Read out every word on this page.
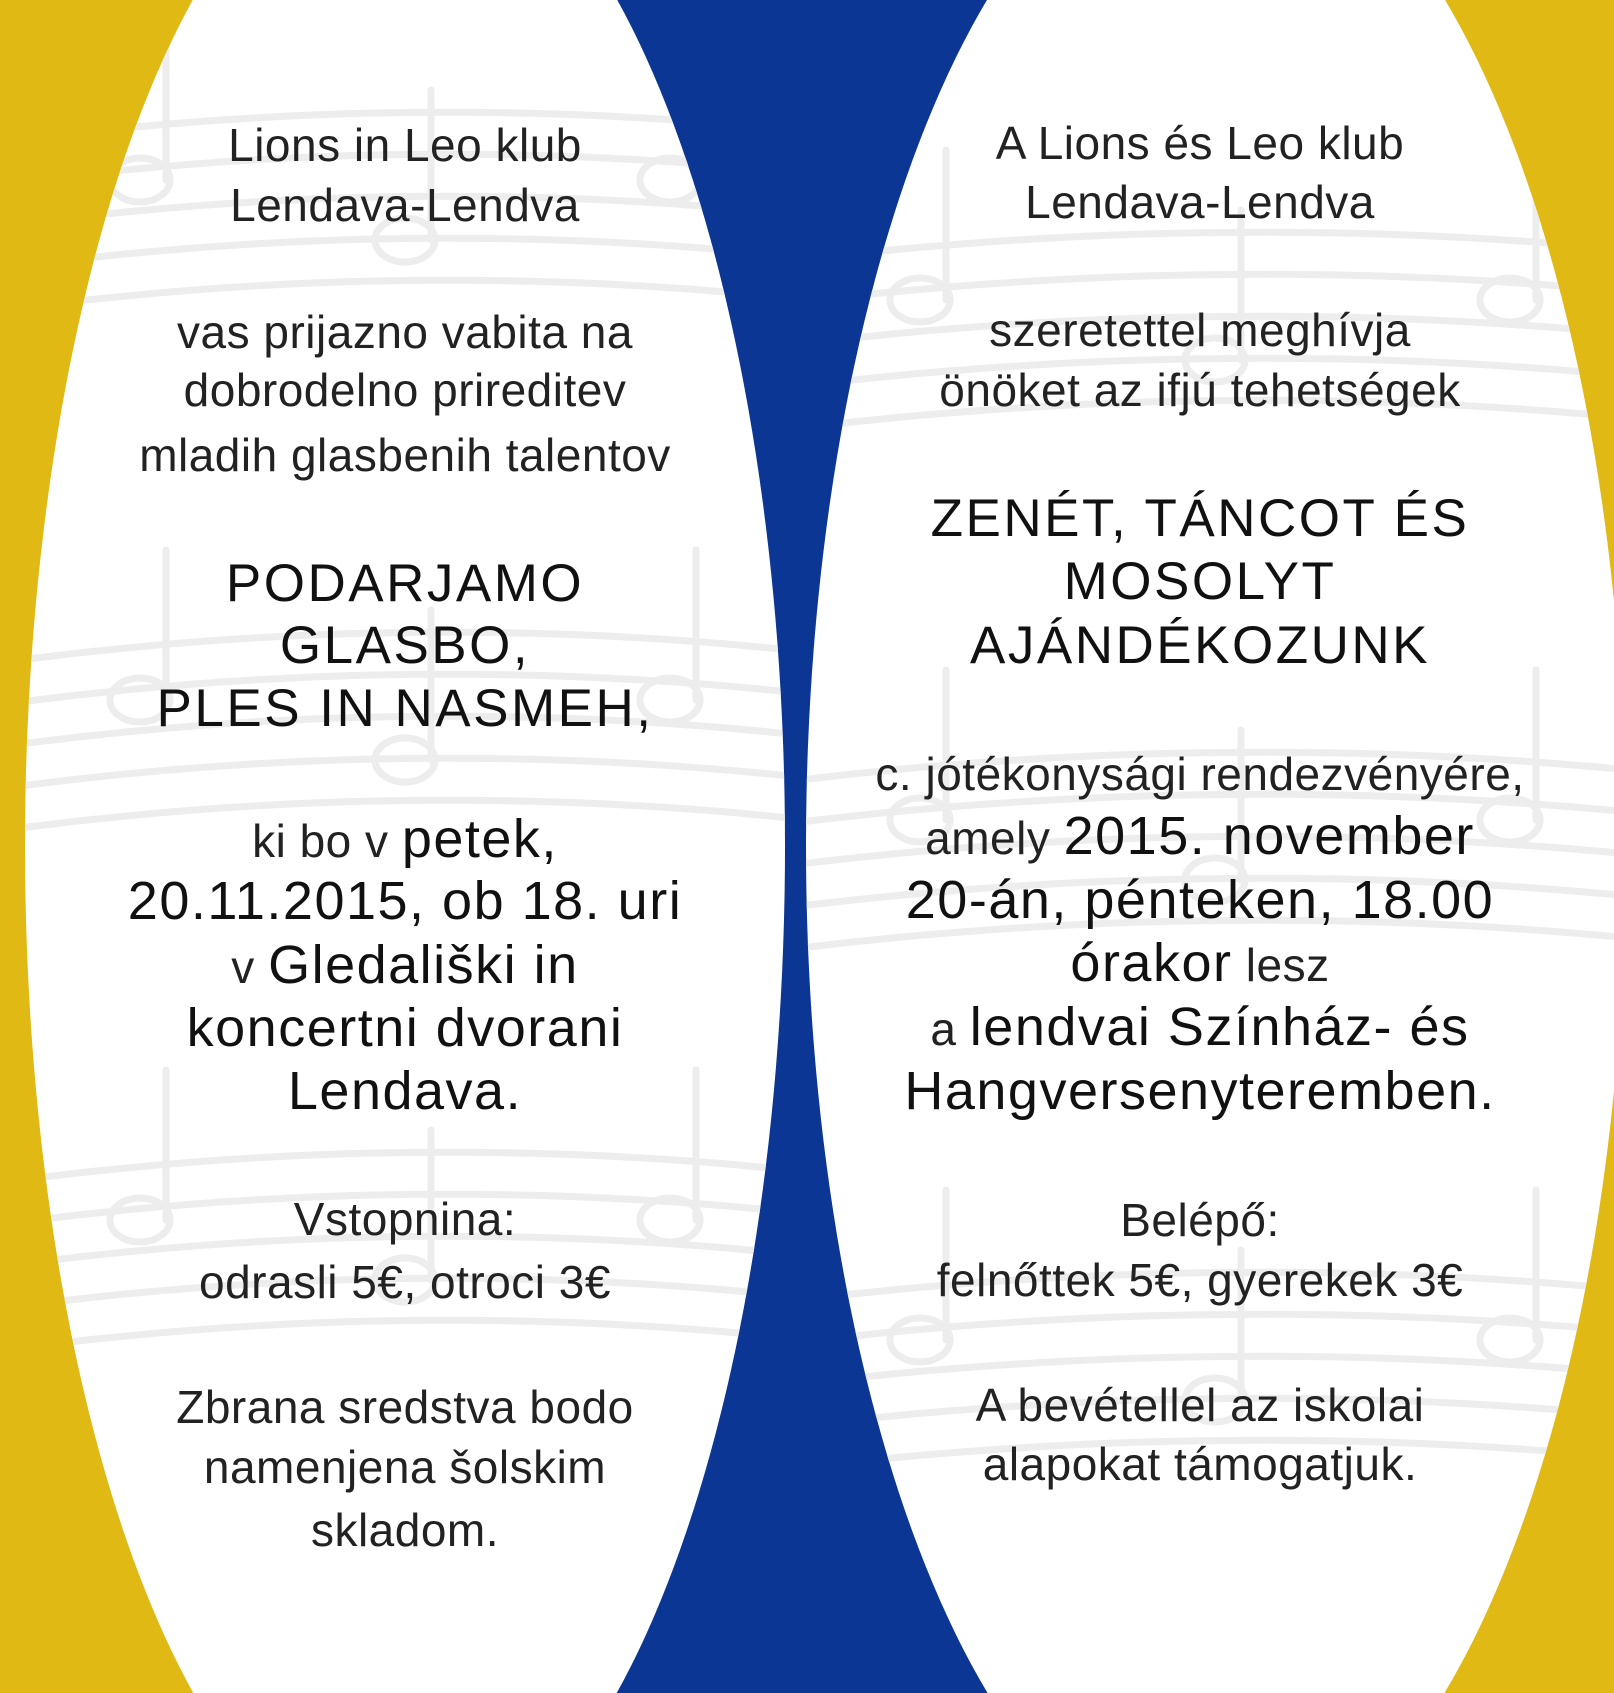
Lions in Leo klub
Lendava-Lendva
vas prijazno vabita na
dobrodelno prireditev
mladih glasbenih talentov
PODARJAMO
GLASBO,
PLES IN NASMEH,
ki bo v petek,
20.11.2015, ob 18. uri
v Gledališki in
koncertni dvorani
Lendava.
Vstopnina:
odrasli 5€, otroci 3€
Zbrana sredstva bodo
namenjena šolskim
skladom.
A Lions és Leo klub
Lendava-Lendva
szeretettel meghívja
önöket az ifjú tehetségek
ZENÉT, TÁNCOT ÉS
MOSOLYT
AJÁNDÉKOZUNK
c. jótékonysági rendezvényére,
amely 2015. november
20-án, pénteken, 18.00
órakor lesz
a lendvai Színház- és
Hangversenyteremben.
Belépő:
felnőttek 5€, gyerekek 3€
A bevétellel az iskolai
alapokat támogatjuk.
